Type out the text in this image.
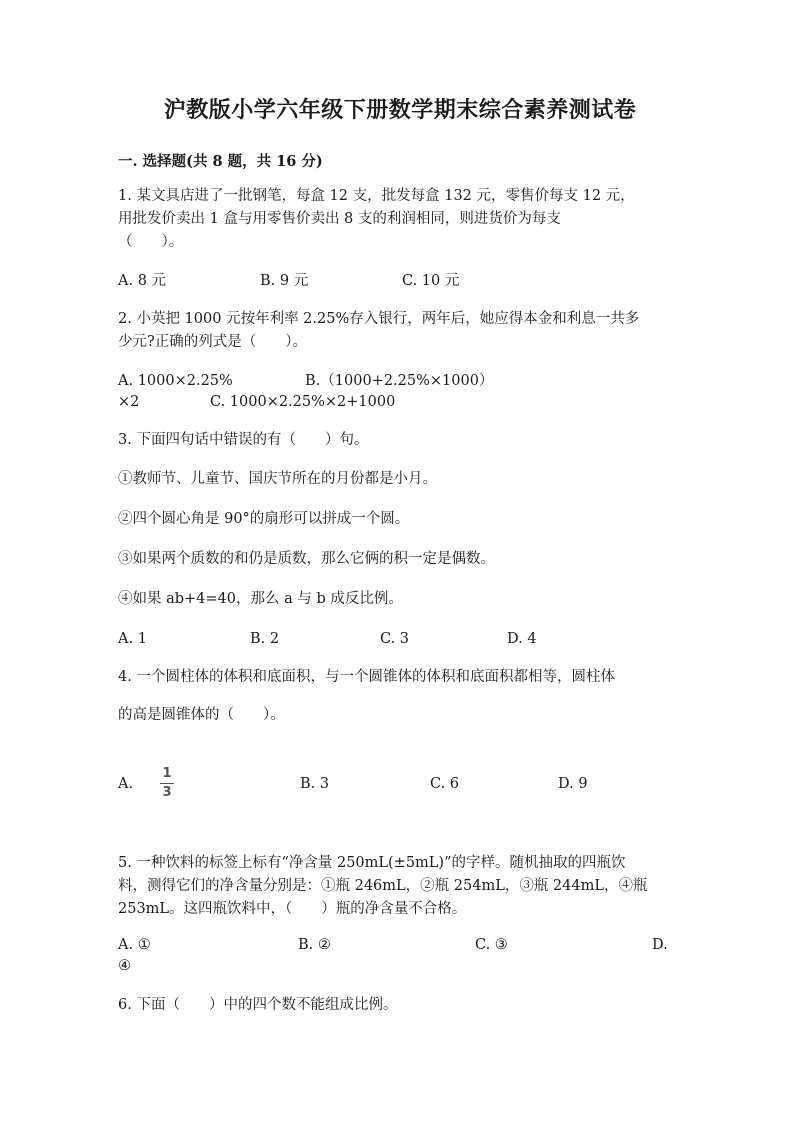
沪教版小学六年级下册数学期末综合素养测试卷
一. 选择题(共 8 题，共 16 分)
1. 某文具店进了一批钢笔，每盒 12 支，批发每盒 132 元，零售价每支 12 元，
用批发价卖出 1 盒与用零售价卖出 8 支的利润相同，则进货价为每支
（　　）。
A. 8 元	B. 9 元	C. 10 元
2. 小英把 1000 元按年利率 2.25%存入银行，两年后，她应得本金和利息一共多
少元?正确的列式是（　　）。
A. 1000×2.25%	B.（1000+2.25%×1000）
×2	C. 1000×2.25%×2+1000
3. 下面四句话中错误的有（　　）句。
①教师节、儿童节、国庆节所在的月份都是小月。
②四个圆心角是 90°的扇形可以拼成一个圆。
③如果两个质数的和仍是质数，那么它俩的积一定是偶数。
④如果 ab+4=40，那么 a 与 b 成反比例。
A. 1	B. 2	C. 3	D. 4
4. 一个圆柱体的体积和底面积，与一个圆锥体的体积和底面积都相等，圆柱体
的高是圆锥体的（　　）。
A.
1
3
B. 3	C. 6	D. 9
5. 一种饮料的标签上标有“净含量 250mL(±5mL)”的字样。随机抽取的四瓶饮
料，测得它们的净含量分别是：①瓶 246mL，②瓶 254mL，③瓶 244mL，④瓶
253mL。这四瓶饮料中，（　　）瓶的净含量不合格。
A. ①	B. ②	C. ③	D.
④
6. 下面（　　）中的四个数不能组成比例。
